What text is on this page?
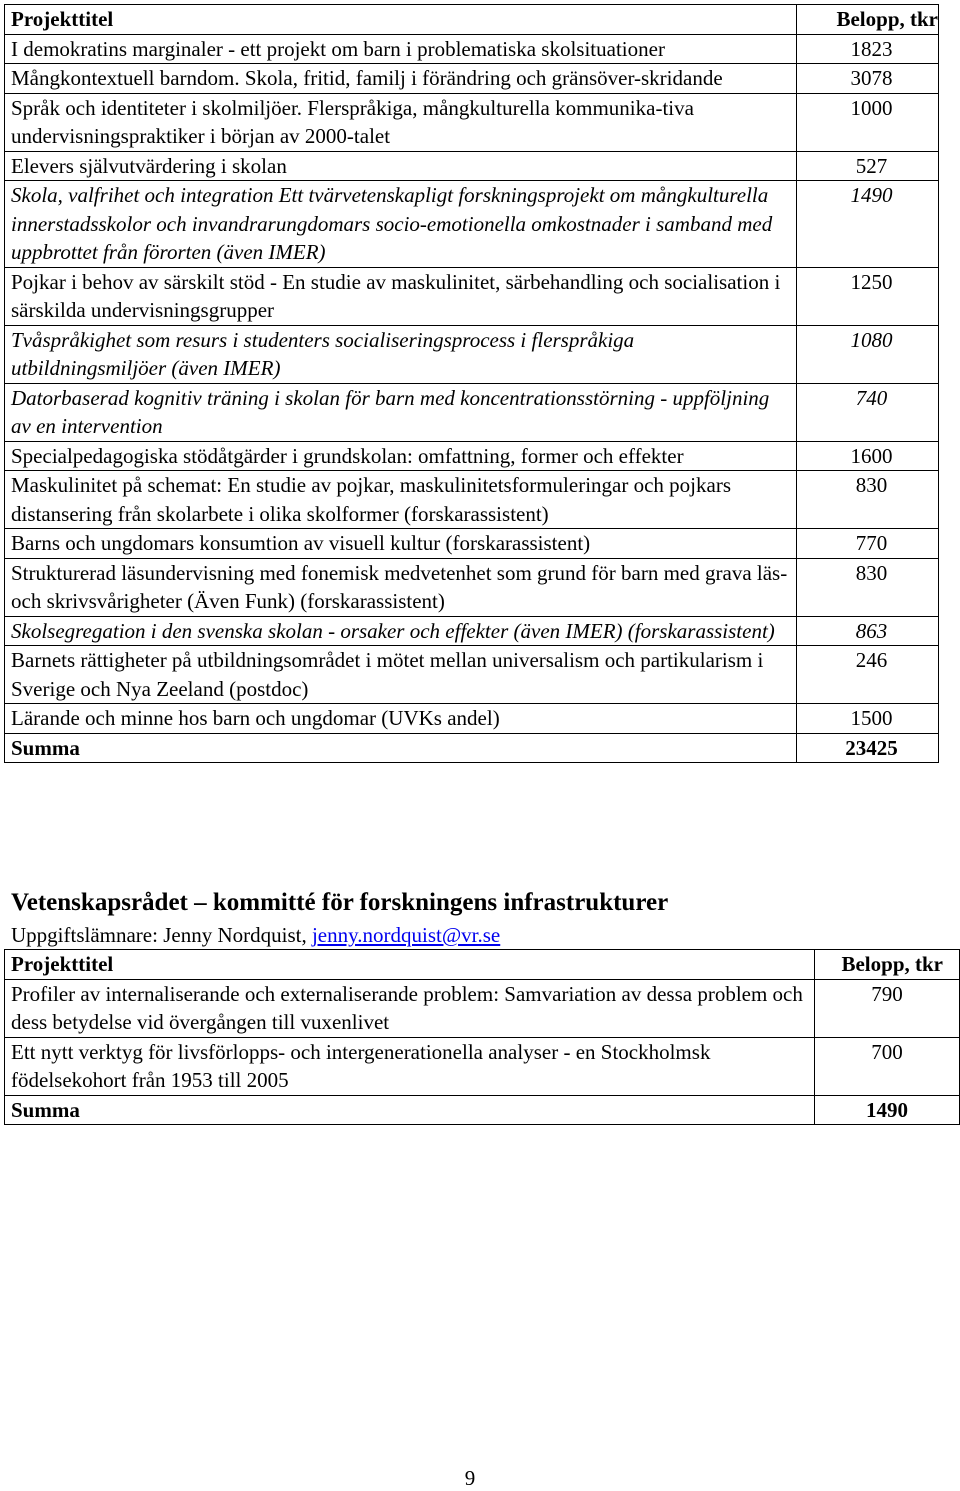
Projekttitel	Belopp, tkr
I demokratins marginaler - ett projekt om barn i problematiska skolsituationer	1823
Mångkontextuell barndom. Skola, fritid, familj i förändring och gränsöver-skridande	3078
Språk och identiteter i skolmiljöer. Flerspråkiga, mångkulturella kommunika-tiva undervisningspraktiker i början av 2000-talet	1000
Elevers självutvärdering i skolan	527
Skola, valfrihet och integration Ett tvärvetenskapligt forskningsprojekt om mångkulturella innerstadsskolor och invandrarungdomars socio-emotionella omkostnader i samband med uppbrottet från förorten (även IMER)	1490
Pojkar i behov av särskilt stöd - En studie av maskulinitet, särbehandling och socialisation i särskilda undervisningsgrupper	1250
Tvåspråkighet som resurs i studenters socialiseringsprocess i flerspråkiga utbildningsmiljöer (även IMER)	1080
Datorbaserad kognitiv träning i skolan för barn med koncentrationsstörning - uppföljning av en intervention	740
Specialpedagogiska stödåtgärder i grundskolan: omfattning, former och effekter	1600
Maskulinitet på schemat: En studie av pojkar, maskulinitetsformuleringar och pojkars distansering från skolarbete i olika skolformer (forskarassistent)	830
Barns och ungdomars konsumtion av visuell kultur (forskarassistent)	770
Strukturerad läsundervisning med fonemisk medvetenhet som grund för barn med grava läs- och skrivsvårigheter (Även Funk) (forskarassistent)	830
Skolsegregation i den svenska skolan - orsaker och effekter (även IMER) (forskarassistent)	863
Barnets rättigheter på utbildningsområdet i mötet mellan universalism och partikularism i Sverige och Nya Zeeland (postdoc)	246
Lärande och minne hos barn och ungdomar (UVKs andel)	1500
Summa	23425
Vetenskapsrådet – kommitté för forskningens infrastrukturer
Uppgiftslämnare: Jenny Nordquist, jenny.nordquist@vr.se
Projekttitel	Belopp, tkr
Profiler av internaliserande och externaliserande problem: Samvariation av dessa problem och dess betydelse vid övergången till vuxenlivet	790
Ett nytt verktyg för livsförlopps- och intergenerationella analyser - en Stockholmsk födelsekohort från 1953 till 2005	700
Summa	1490
9
